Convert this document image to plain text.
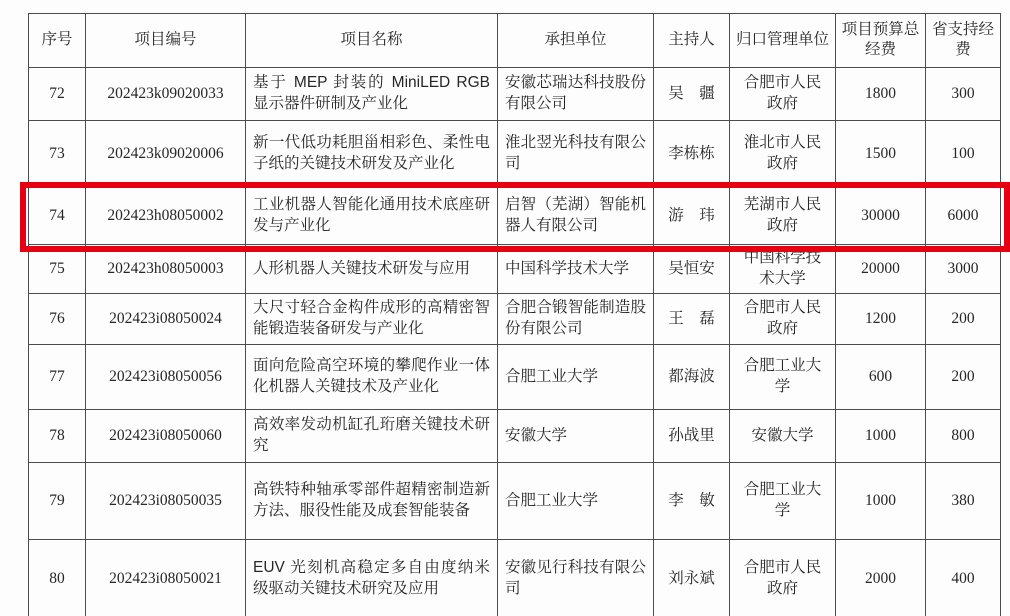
序号	项目编号	项目名称	承担单位	主持人	归口管理单位	项目预算总经费	省支持经费
72	202423k09020033	基于 MEP 封装的 MiniLED RGB 显示器件研制及产业化	安徽芯瑞达科技股份有限公司	吴　疆	合肥市人民政府	1800	300
73	202423k09020006	新一代低功耗胆甾相彩色、柔性电子纸的关键技术研发及产业化	淮北翌光科技有限公司	李栋栋	淮北市人民政府	1500	100
74	202423h08050002	工业机器人智能化通用技术底座研发与产业化	启智（芜湖）智能机器人有限公司	游　玮	芜湖市人民政府	30000	6000
75	202423h08050003	人形机器人关键技术研发与应用	中国科学技术大学	吴恒安	中国科学技术大学	20000	3000
76	202423i08050024	大尺寸轻合金构件成形的高精密智能锻造装备研发与产业化	合肥合锻智能制造股份有限公司	王　磊	合肥市人民政府	1200	200
77	202423i08050056	面向危险高空环境的攀爬作业一体化机器人关键技术及产业化	合肥工业大学	都海波	合肥工业大学	600	200
78	202423i08050060	高效率发动机缸孔珩磨关键技术研究	安徽大学	孙战里	安徽大学	1000	800
79	202423i08050035	高铁特种轴承零部件超精密制造新方法、服役性能及成套智能装备	合肥工业大学	李　敏	合肥工业大学	1000	380
80	202423i08050021	EUV 光刻机高稳定多自由度纳米级驱动关键技术研究及应用	安徽见行科技有限公司	刘永斌	合肥市人民政府	2000	400
